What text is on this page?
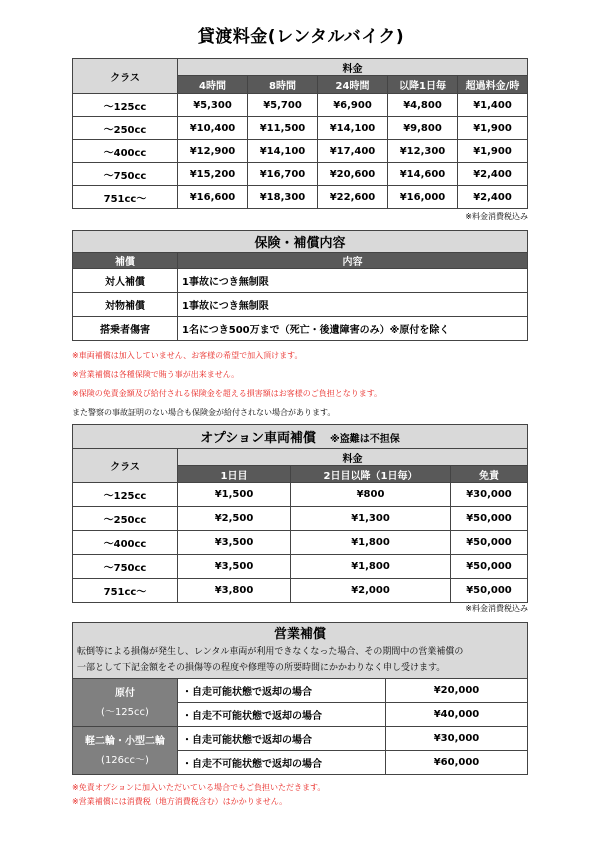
貸渡料金(レンタルバイク)
クラス	料金				
	4時間	8時間	24時間	以降1日毎	超過料金/時
～125cc	¥5,300	¥5,700	¥6,900	¥4,800	¥1,400
～250cc	¥10,400	¥11,500	¥14,100	¥9,800	¥1,900
～400cc	¥12,900	¥14,100	¥17,400	¥12,300	¥1,900
～750cc	¥15,200	¥16,700	¥20,600	¥14,600	¥2,400
751cc～	¥16,600	¥18,300	¥22,600	¥16,000	¥2,400
※料金消費税込み
保険・補償内容	
補償	内容
対人補償	1事故につき無制限
対物補償	1事故につき無制限
搭乗者傷害	1名につき500万まで（死亡・後遺障害のみ）※原付を除く
※車両補償は加入していません、お客様の希望で加入頂けます。
※営業補償は各種保険で賄う事が出来ません。
※保険の免責金額及び給付される保険金を超える損害額はお客様のご負担となります。
また警察の事故証明のない場合も保険金が給付されない場合があります。
オプション車両補償 ※盗難は不担保			
クラス	料金		
	1日目	2日目以降（1日毎）	免責
～125cc	¥1,500	¥800	¥30,000
～250cc	¥2,500	¥1,300	¥50,000
～400cc	¥3,500	¥1,800	¥50,000
～750cc	¥3,500	¥1,800	¥50,000
751cc～	¥3,800	¥2,000	¥50,000
※料金消費税込み
営業補償		

転倒等による損傷が発生し、レンタル車両が利用できなくなった場合、その期間中の営業補償の
一部として下記金額をその損傷等の程度や修理等の所要時間にかかわりなく申し受けます。		

原付
(～125cc)	・自走可能状態で返却の場合	¥20,000
	・自走不可能状態で返却の場合	¥40,000

軽二輪・小型二輪
(126cc～)	・自走可能状態で返却の場合	¥30,000
	・自走不可能状態で返却の場合	¥60,000
※免責オプションに加入いただいている場合でもご負担いただきます。
※営業補償には消費税（地方消費税含む）はかかりません。
